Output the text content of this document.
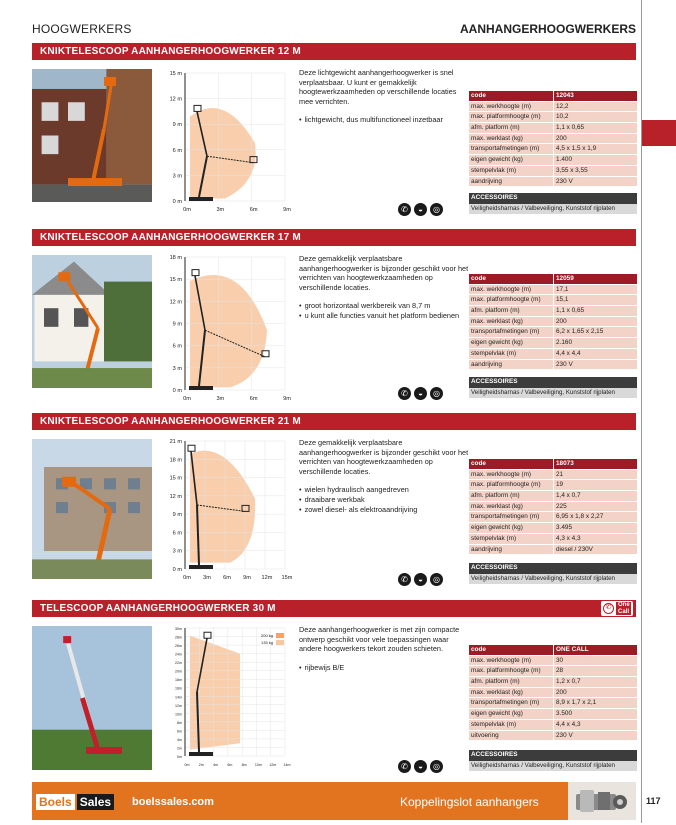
HOOGWERKERS	AANHANGERHOOGWERKERS
KNIKTELESCOOP AANHANGERHOOGWERKER 12 M
15 m
12 m
9 m
6 m
3 m
0 m
0m	3m	6m	9m

Deze lichtgewicht aanhangerhoogwerker is snel verplaatsbaar. U kunt er gemakkelijk hoogtewerkzaamheden op verschillende locaties mee verrichten.

• lichtgewicht, dus multifunctioneel inzetbaar
code	12043
max. werkhoogte (m)	12,2
max. platformhoogte (m)	10,2
afm. platform (m)	1,1 x 0,65
max. werklast (kg)	200
transportafmetingen (m)	4,5 x 1,5 x 1,9
eigen gewicht (kg)	1.400
stempelvlak (m)	3,55 x 3,55
aandrijving	230 V
ACCESSOIRES
Veiligheidsharnas / Valbeveiliging, Kunststof rijplaten
✆	◒	◎
KNIKTELESCOOP AANHANGERHOOGWERKER 17 M
18 m
15 m
12 m
9 m
6 m
3 m
0 m
0m	3m	6m	9m

Deze gemakkelijk verplaatsbare aanhangerhoogwerker is bijzonder geschikt voor het verrichten van hoogtewerkzaamheden op verschillende locaties.

• groot horizontaal werkbereik van 8,7 m
• u kunt alle functies vanuit het platform bedienen
code	12059
max. werkhoogte (m)	17,1
max. platformhoogte (m)	15,1
afm. platform (m)	1,1 x 0,65
max. werklast (kg)	200
transportafmetingen (m)	6,2 x 1,65 x 2,15
eigen gewicht (kg)	2.160
stempelvlak (m)	4,4 x 4,4
aandrijving	230 V
ACCESSOIRES
Veiligheidsharnas / Valbeveiliging, Kunststof rijplaten
✆	◒	◎
KNIKTELESCOOP AANHANGERHOOGWERKER 21 M
21 m
18 m
15 m
12 m
9 m
6 m
3 m
0 m
0m 3m 6m 9m 12m 15m

Deze gemakkelijk verplaatsbare aanhangerhoogwerker is bijzonder geschikt voor het verrichten van hoogtewerkzaamheden op verschillende locaties.

• wielen hydraulisch aangedreven
• draaibare werkbak
• zowel diesel- als elektroaandrijving
code	18073
max. werkhoogte (m)	21
max. platformhoogte (m)	19
afm. platform (m)	1,4 x 0,7
max. werklast (kg)	225
transportafmetingen (m)	6,95 x 1,8 x 2,27
eigen gewicht (kg)	3.495
stempelvlak (m)	4,3 x 4,3
aandrijving	diesel / 230V
ACCESSOIRES
Veiligheidsharnas / Valbeveiliging, Kunststof rijplaten
✆	◒	◎
TELESCOOP AANHANGERHOOGWERKER 30 M	✆	One Call
30m
28m
26m
24m
22m
20m
18m
16m
14m
12m
10m
8m
6m
4m
2m
0m
0m	2m	4m	6m	8m 10m 12m 14m
200 kg
135 kg

Deze aanhangerhoogwerker is met zijn compacte ontwerp geschikt voor vele toepassingen waar andere hoogwerkers tekort zouden schieten.

• rijbewijs B/E
code	ONE CALL
max. werkhoogte (m)	30
max. platformhoogte (m)	28
afm. platform (m)	1,2 x 0,7
max. werklast (kg)	200
transportafmetingen (m)	8,9 x 1,7 x 2,1
eigen gewicht (kg)	3.500
stempelvlak (m)	4,4 x 4,3
uitvoering	230 V
ACCESSOIRES
Veiligheidsharnas / Valbeveiliging, Kunststof rijplaten
✆	◒	◎
117
Boels Sales boelssales.com	Koppelingslot aanhangers
